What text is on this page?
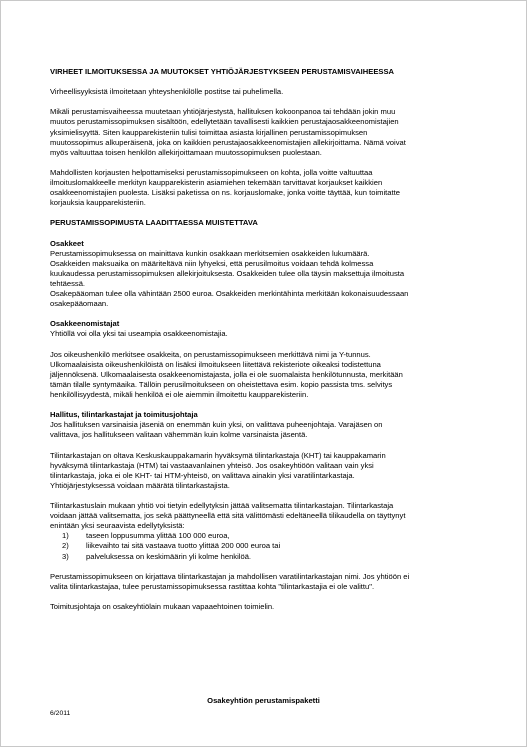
VIRHEET ILMOITUKSESSA JA MUUTOKSET YHTIÖJÄRJESTYKSEEN PERUSTAMISVAIHEESSA

Virheellisyyksistä ilmoitetaan yhteyshenkilölle postitse tai puhelimella.

Mikäli perustamisvaiheessa muutetaan yhtiöjärjestystä, hallituksen kokoonpanoa tai tehdään jokin muu
muutos perustamissopimuksen sisältöön, edellytetään tavallisesti kaikkien perustajaosakkeenomistajien
yksimielisyyttä. Siten kaupparekisteriin tulisi toimittaa asiasta kirjallinen perustamissopimuksen
muutossopimus alkuperäisenä, joka on kaikkien perustajaosakkeenomistajien allekirjoittama. Nämä voivat
myös valtuuttaa toisen henkilön allekirjoittamaan muutossopimuksen puolestaan.
Mahdollisten korjausten helpottamiseksi perustamissopimukseen on kohta, jolla voitte valtuuttaa
ilmoituslomakkeelle merkityn kaupparekisterin asiamiehen tekemään tarvittavat korjaukset kaikkien
osakkeenomistajien puolesta. Lisäksi paketissa on ns. korjauslomake, jonka voitte täyttää, kun toimitatte
korjauksia kaupparekisteriin.
PERUSTAMISSOPIMUSTA LAADITTAESSA MUISTETTAVA
Osakkeet
Perustamissopimuksessa on mainittava kunkin osakkaan merkitsemien osakkeiden lukumäärä.
Osakkeiden maksuaika on määriteltävä niin lyhyeksi, että perusilmoitus voidaan tehdä kolmessa
kuukaudessa perustamissopimuksen allekirjoituksesta. Osakkeiden tulee olla täysin maksettuja ilmoitusta
tehtäessä.
Osakepääoman tulee olla vähintään 2500 euroa. Osakkeiden merkintähinta merkitään kokonaisuudessaan
osakepääomaan.
Osakkeenomistajat

Yhtiöllä voi olla yksi tai useampia osakkeenomistajia.

Jos oikeushenkilö merkitsee osakkeita, on perustamissopimukseen merkittävä nimi ja Y-tunnus.
Ulkomaalaisista oikeushenkilöistä on lisäksi ilmoitukseen liitettävä rekisteriote oikeaksi todistettuna
jäljennöksenä. Ulkomaalaisesta osakkeenomistajasta, jolla ei ole suomalaista henkilötunnusta, merkitään
tämän tilalle syntymäaika. Tällöin perusilmoitukseen on oheistettava esim. kopio passista tms. selvitys
henkilöllisyydestä, mikäli henkilöä ei ole aiemmin ilmoitettu kaupparekisteriin.
Hallitus, tilintarkastajat ja toimitusjohtaja
Jos hallituksen varsinaisia jäseniä on enemmän kuin yksi, on valittava puheenjohtaja. Varajäsen on
valittava, jos hallitukseen valitaan vähemmän kuin kolme varsinaista jäsentä.
Tilintarkastajan on oltava Keskuskauppakamarin hyväksymä tilintarkastaja (KHT) tai kauppakamarin
hyväksymä tilintarkastaja (HTM) tai vastaavanlainen yhteisö. Jos osakeyhtiöön valitaan vain yksi
tilintarkastaja, joka ei ole KHT- tai HTM-yhteisö, on valittava ainakin yksi varatilintarkastaja.
Yhtiöjärjestyksessä voidaan määrätä tilintarkastajista.
Tilintarkastuslain mukaan yhtiö voi tietyin edellytyksin jättää valitsematta tilintarkastajan. Tilintarkastaja
voidaan jättää valitsematta, jos sekä päättyneellä että sitä välittömästi edeltäneellä tilikaudella on täyttynyt
enintään yksi seuraavista edellytyksistä:
1)	taseen loppusumma ylittää 100 000 euroa,
2)	liikevaihto tai sitä vastaava tuotto ylittää 200 000 euroa tai
3)	palveluksessa on keskimäärin yli kolme henkilöä.
Perustamissopimukseen on kirjattava tilintarkastajan ja mahdollisen varatilintarkastajan nimi. Jos yhtiöön ei
valita tilintarkastajaa, tulee perustamissopimuksessa rastittaa kohta "tilintarkastajia ei ole valittu".

Toimitusjohtaja on osakeyhtiölain mukaan vapaaehtoinen toimielin.

Osakeyhtiön perustamispaketti
6/2011
